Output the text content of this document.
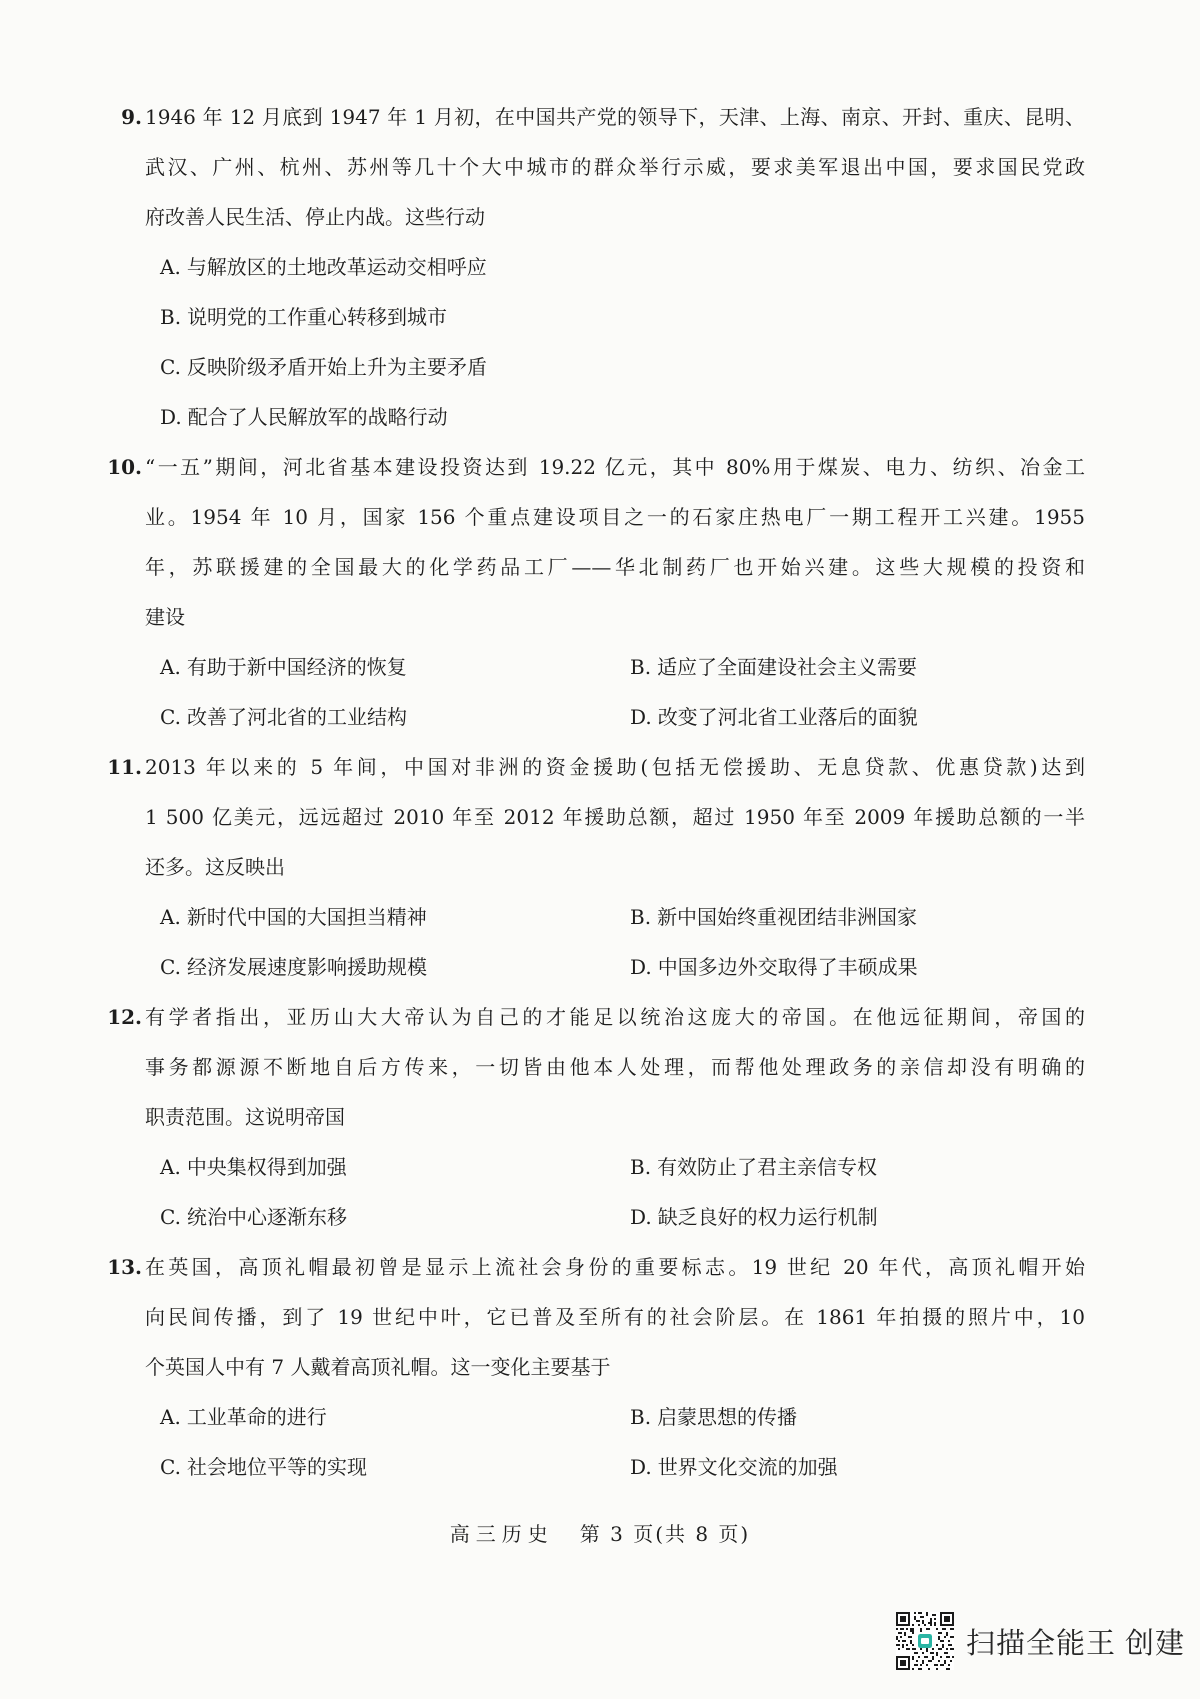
9. 1946 年 12 月底到 1947 年 1 月初，在中国共产党的领导下，天津、上海、南京、开封、重庆、昆明、
武汉、广州、杭州、苏州等几十个大中城市的群众举行示威，要求美军退出中国，要求国民党政
府改善人民生活、停止内战。这些行动
A. 与解放区的土地改革运动交相呼应
B. 说明党的工作重心转移到城市
C. 反映阶级矛盾开始上升为主要矛盾
D. 配合了人民解放军的战略行动
10. “一五”期间，河北省基本建设投资达到 19.22 亿元，其中 80%用于煤炭、电力、纺织、冶金工
业。1954 年 10 月，国家 156 个重点建设项目之一的石家庄热电厂一期工程开工兴建。1955
年，苏联援建的全国最大的化学药品工厂——华北制药厂也开始兴建。这些大规模的投资和
建设
A. 有助于新中国经济的恢复	B. 适应了全面建设社会主义需要
C. 改善了河北省的工业结构	D. 改变了河北省工业落后的面貌
11. 2013 年以来的 5 年间，中国对非洲的资金援助(包括无偿援助、无息贷款、优惠贷款)达到
1 500 亿美元，远远超过 2010 年至 2012 年援助总额，超过 1950 年至 2009 年援助总额的一半
还多。这反映出
A. 新时代中国的大国担当精神	B. 新中国始终重视团结非洲国家
C. 经济发展速度影响援助规模	D. 中国多边外交取得了丰硕成果
12. 有学者指出，亚历山大大帝认为自己的才能足以统治这庞大的帝国。在他远征期间，帝国的
事务都源源不断地自后方传来，一切皆由他本人处理，而帮他处理政务的亲信却没有明确的
职责范围。这说明帝国
A. 中央集权得到加强	B. 有效防止了君主亲信专权
C. 统治中心逐渐东移	D. 缺乏良好的权力运行机制
13. 在英国，高顶礼帽最初曾是显示上流社会身份的重要标志。19 世纪 20 年代，高顶礼帽开始
向民间传播，到了 19 世纪中叶，它已普及至所有的社会阶层。在 1861 年拍摄的照片中，10
个英国人中有 7 人戴着高顶礼帽。这一变化主要基于
A. 工业革命的进行	B. 启蒙思想的传播
C. 社会地位平等的实现	D. 世界文化交流的加强
高三历史 第 3 页(共 8 页)
扫描全能王 创建
